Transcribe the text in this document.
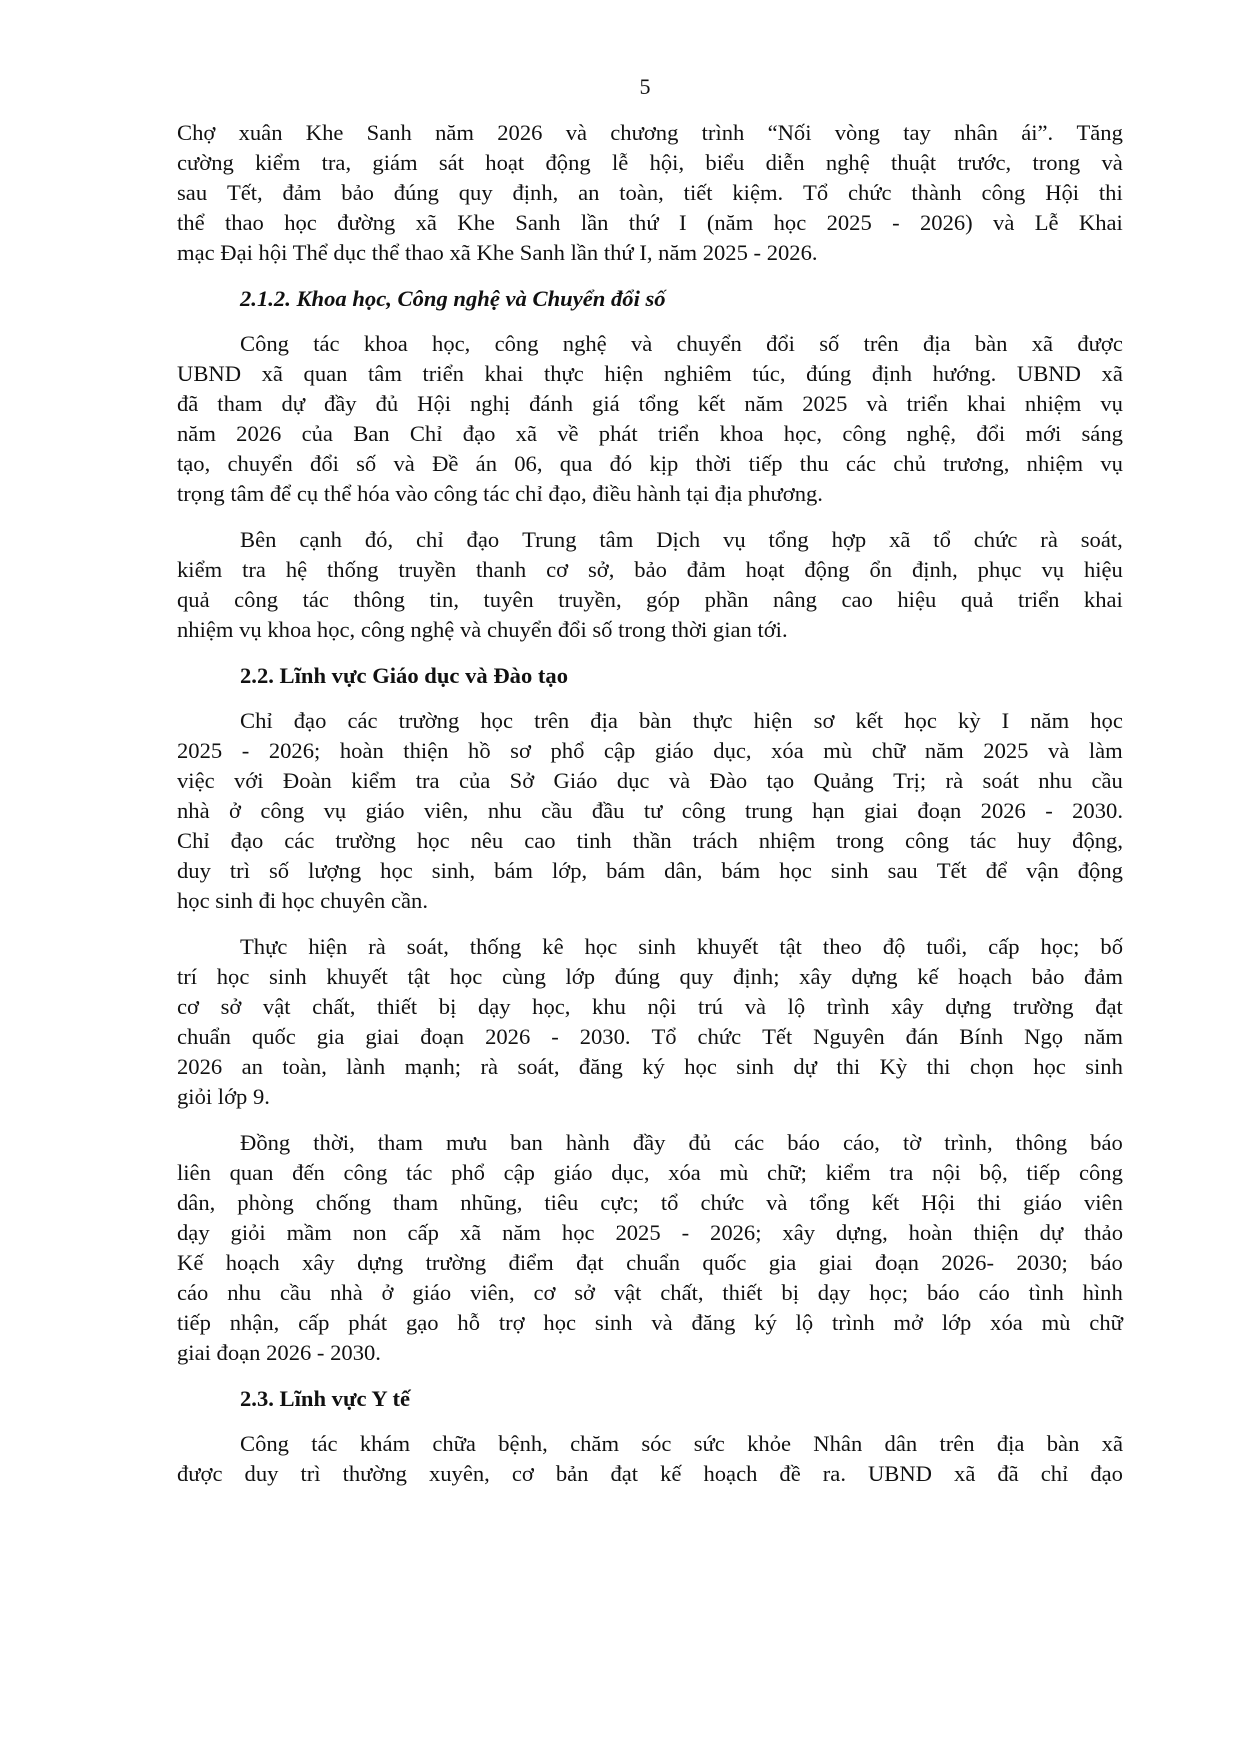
5
Chợ xuân Khe Sanh năm 2026 và chương trình “Nối vòng tay nhân ái”. Tăng
cường kiểm tra, giám sát hoạt động lễ hội, biểu diễn nghệ thuật trước, trong và
sau Tết, đảm bảo đúng quy định, an toàn, tiết kiệm. Tổ chức thành công Hội thi
thể thao học đường xã Khe Sanh lần thứ I (năm học 2025 - 2026) và Lễ Khai
mạc Đại hội Thể dục thể thao xã Khe Sanh lần thứ I, năm 2025 - 2026.
2.1.2. Khoa học, Công nghệ và Chuyển đổi số
Công tác khoa học, công nghệ và chuyển đổi số trên địa bàn xã được
UBND xã quan tâm triển khai thực hiện nghiêm túc, đúng định hướng. UBND xã
đã tham dự đầy đủ Hội nghị đánh giá tổng kết năm 2025 và triển khai nhiệm vụ
năm 2026 của Ban Chỉ đạo xã về phát triển khoa học, công nghệ, đổi mới sáng
tạo, chuyển đổi số và Đề án 06, qua đó kịp thời tiếp thu các chủ trương, nhiệm vụ
trọng tâm để cụ thể hóa vào công tác chỉ đạo, điều hành tại địa phương.
Bên cạnh đó, chỉ đạo Trung tâm Dịch vụ tổng hợp xã tổ chức rà soát,
kiểm tra hệ thống truyền thanh cơ sở, bảo đảm hoạt động ổn định, phục vụ hiệu
quả công tác thông tin, tuyên truyền, góp phần nâng cao hiệu quả triển khai
nhiệm vụ khoa học, công nghệ và chuyển đổi số trong thời gian tới.
2.2. Lĩnh vực Giáo dục và Đào tạo
Chỉ đạo các trường học trên địa bàn thực hiện sơ kết học kỳ I năm học
2025 - 2026; hoàn thiện hồ sơ phổ cập giáo dục, xóa mù chữ năm 2025 và làm
việc với Đoàn kiểm tra của Sở Giáo dục và Đào tạo Quảng Trị; rà soát nhu cầu
nhà ở công vụ giáo viên, nhu cầu đầu tư công trung hạn giai đoạn 2026 - 2030.
Chỉ đạo các trường học nêu cao tinh thần trách nhiệm trong công tác huy động,
duy trì số lượng học sinh, bám lớp, bám dân, bám học sinh sau Tết để vận động
học sinh đi học chuyên cần.
Thực hiện rà soát, thống kê học sinh khuyết tật theo độ tuổi, cấp học; bố
trí học sinh khuyết tật học cùng lớp đúng quy định; xây dựng kế hoạch bảo đảm
cơ sở vật chất, thiết bị dạy học, khu nội trú và lộ trình xây dựng trường đạt
chuẩn quốc gia giai đoạn 2026 - 2030. Tổ chức Tết Nguyên đán Bính Ngọ năm
2026 an toàn, lành mạnh; rà soát, đăng ký học sinh dự thi Kỳ thi chọn học sinh
giỏi lớp 9.
Đồng thời, tham mưu ban hành đầy đủ các báo cáo, tờ trình, thông báo
liên quan đến công tác phổ cập giáo dục, xóa mù chữ; kiểm tra nội bộ, tiếp công
dân, phòng chống tham nhũng, tiêu cực; tổ chức và tổng kết Hội thi giáo viên
dạy giỏi mầm non cấp xã năm học 2025 - 2026; xây dựng, hoàn thiện dự thảo
Kế hoạch xây dựng trường điểm đạt chuẩn quốc gia giai đoạn 2026- 2030; báo
cáo nhu cầu nhà ở giáo viên, cơ sở vật chất, thiết bị dạy học; báo cáo tình hình
tiếp nhận, cấp phát gạo hỗ trợ học sinh và đăng ký lộ trình mở lớp xóa mù chữ
giai đoạn 2026 - 2030.
2.3. Lĩnh vực Y tế
Công tác khám chữa bệnh, chăm sóc sức khỏe Nhân dân trên địa bàn xã
được duy trì thường xuyên, cơ bản đạt kế hoạch đề ra. UBND xã đã chỉ đạo
